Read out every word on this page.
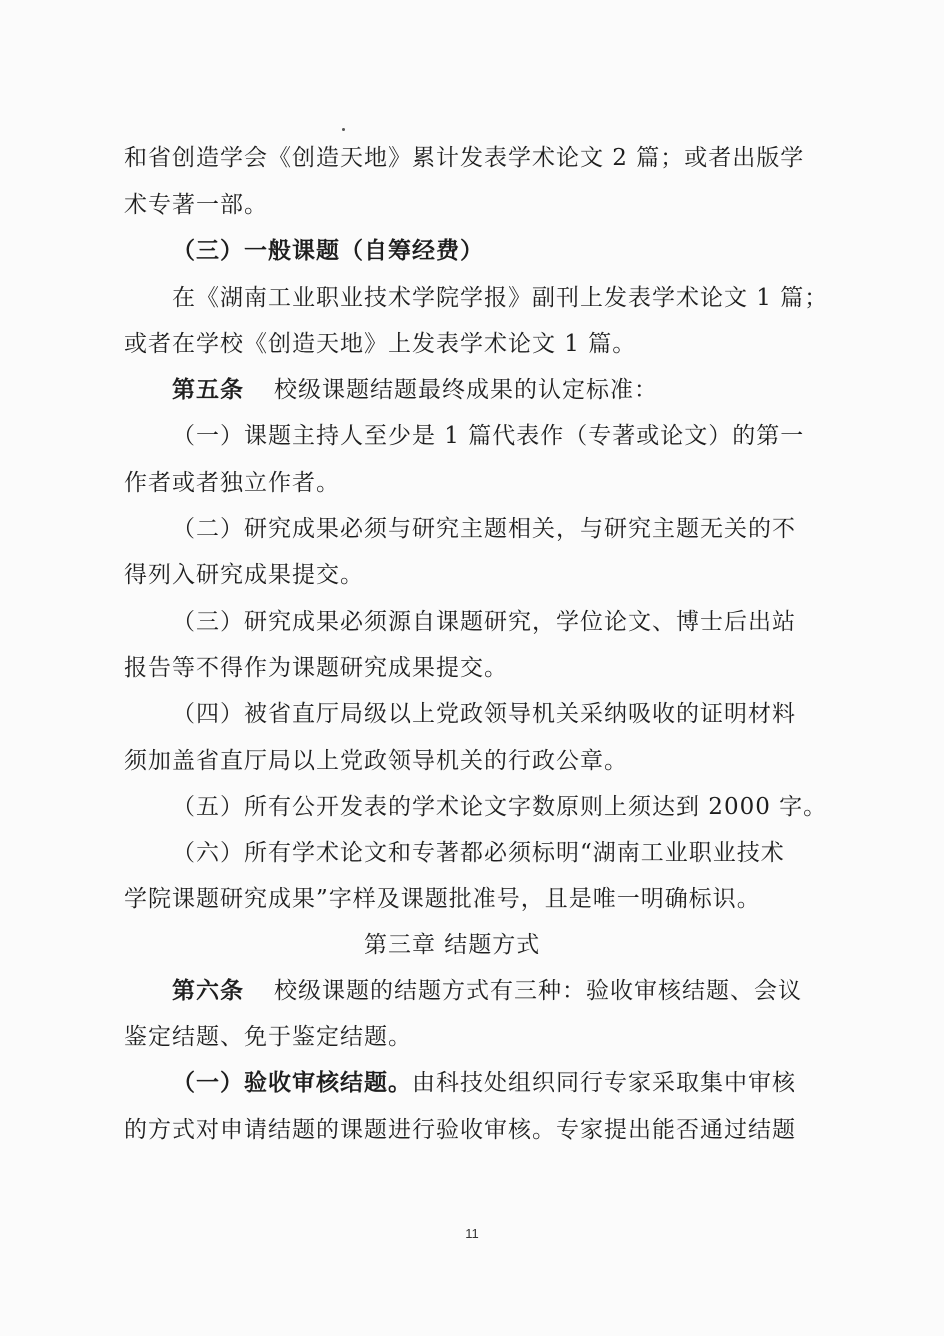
和省创造学会《创造天地》累计发表学术论文 2 篇；或者出版学
术专著一部。
（三）一般课题（自筹经费）
在《湖南工业职业技术学院学报》副刊上发表学术论文 1 篇；
或者在学校《创造天地》上发表学术论文 1 篇。
第五条 校级课题结题最终成果的认定标准：
（一）课题主持人至少是 1 篇代表作（专著或论文）的第一
作者或者独立作者。
（二）研究成果必须与研究主题相关，与研究主题无关的不
得列入研究成果提交。
（三）研究成果必须源自课题研究，学位论文、博士后出站
报告等不得作为课题研究成果提交。
（四）被省直厅局级以上党政领导机关采纳吸收的证明材料
须加盖省直厅局以上党政领导机关的行政公章。
（五）所有公开发表的学术论文字数原则上须达到 2000 字。
（六）所有学术论文和专著都必须标明“湖南工业职业技术
学院课题研究成果”字样及课题批准号，且是唯一明确标识。
第三章 结题方式
第六条 校级课题的结题方式有三种：验收审核结题、会议
鉴定结题、免于鉴定结题。
（一）验收审核结题。由科技处组织同行专家采取集中审核
的方式对申请结题的课题进行验收审核。专家提出能否通过结题
11
